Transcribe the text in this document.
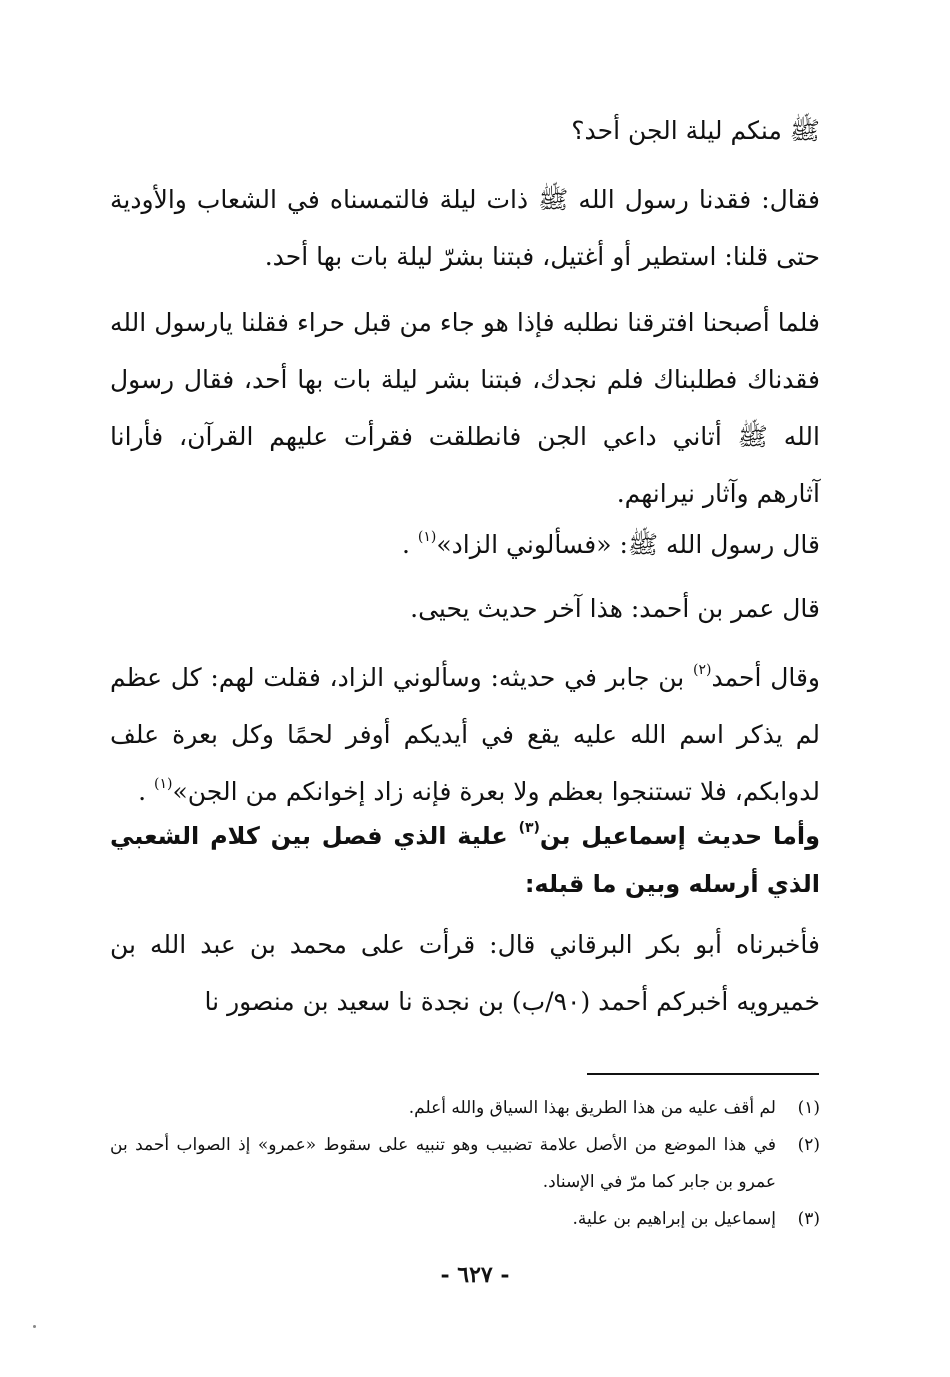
ﷺ منكم ليلة الجن أحد؟

فقال: فقدنا رسول الله ﷺ ذات ليلة فالتمسناه في الشعاب والأودية حتى قلنا: استطير أو أغتيل، فبتنا بشرّ ليلة بات بها أحد.

فلما أصبحنا افترقنا نطلبه فإذا هو جاء من قبل حراء فقلنا يارسول الله فقدناك فطلبناك فلم نجدك، فبتنا بشر ليلة بات بها أحد، فقال رسول الله ﷺ أتاني داعي الجن فانطلقت فقرأت عليهم القرآن، فأرانا آثارهم وآثار نيرانهم.

قال رسول الله ﷺ: «فسألوني الزاد»$^{(١)}$ .

قال عمر بن أحمد: هذا آخر حديث يحيى.

وقال أحمد$^{(٢)}$ بن جابر في حديثه: وسألوني الزاد، فقلت لهم: كل عظم لم يذكر اسم الله عليه يقع في أيديكم أوفر لحمًا وكل بعرة علف لدوابكم، فلا تستنجوا بعظم ولا بعرة فإنه زاد إخوانكم من الجن»$^{(١)}$ .

وأما حديث إسماعيل بن$^{(٣)}$ علية الذي فصل بين كلام الشعبي الذي أرسله وبين ما قبله:

فأخبرناه أبو بكر البرقاني قال: قرأت على محمد بن عبد الله بن خميرويه أخبركم أحمد (٩٠/ب) بن نجدة نا سعيد بن منصور نا

(١)
لم أقف عليه من هذا الطريق بهذا السياق والله أعلم.
(٢)
في هذا الموضع من الأصل علامة تضبيب وهو تنبيه على سقوط «عمرو» إذ الصواب أحمد بن عمرو بن جابر كما مرّ في الإسناد.
(٣)
إسماعيل بن إبراهيم بن علية.
- ٦٢٧ -
